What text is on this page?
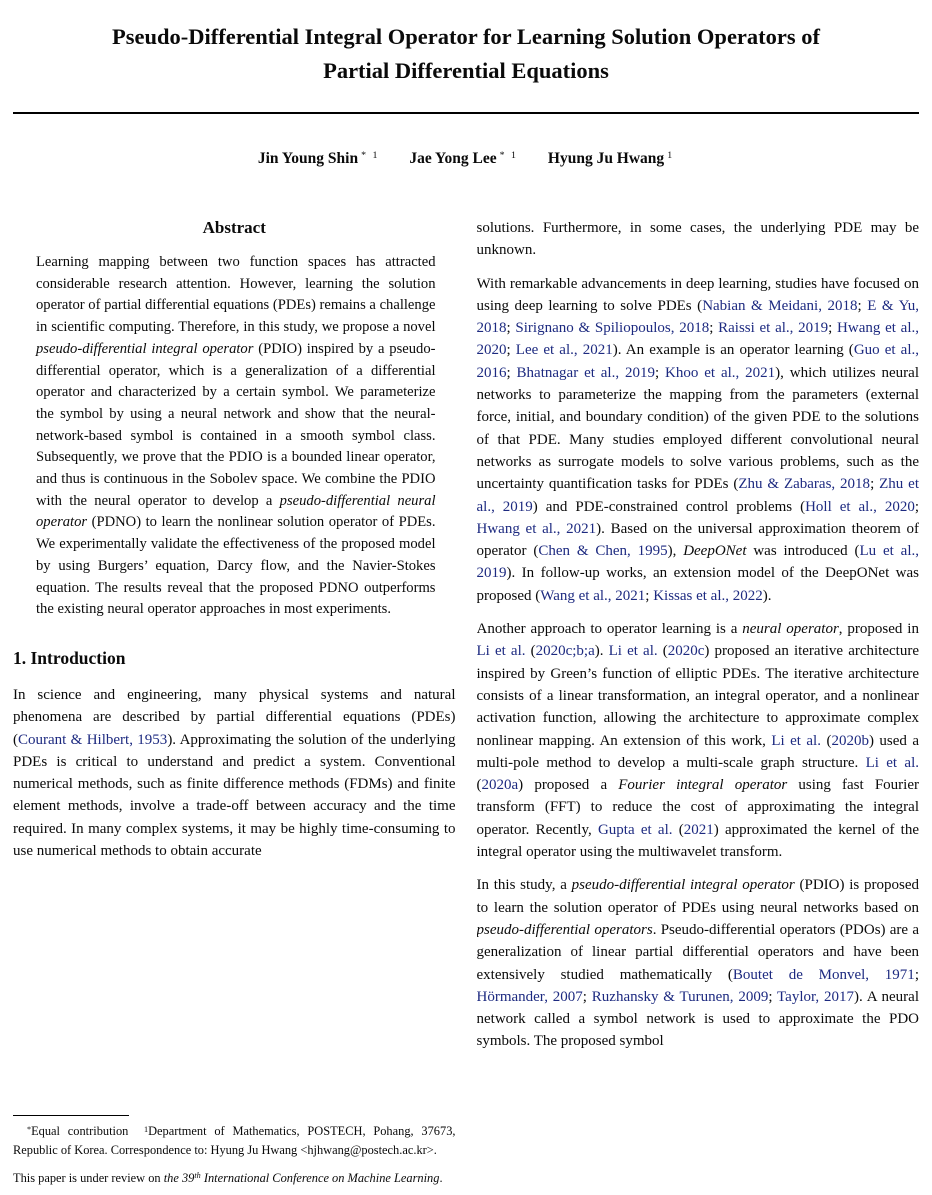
Pseudo-Differential Integral Operator for Learning Solution Operators of
Partial Differential Equations
Jin Young Shin $^{* 1}$ Jae Yong Lee $^{* 1}$ Hyung Ju Hwang $^1$
Abstract

Learning mapping between two function spaces has attracted considerable research attention. However, learning the solution operator of partial differential equations (PDEs) remains a challenge in scientific computing. Therefore, in this study, we propose a novel pseudo-differential integral operator (PDIO) inspired by a pseudo-differential operator, which is a generalization of a differential operator and characterized by a certain symbol. We parameterize the symbol by using a neural network and show that the neural-network-based symbol is contained in a smooth symbol class. Subsequently, we prove that the PDIO is a bounded linear operator, and thus is continuous in the Sobolev space. We combine the PDIO with the neural operator to develop a pseudo-differential neural operator (PDNO) to learn the nonlinear solution operator of PDEs. We experimentally validate the effectiveness of the proposed model by using Burgers’ equation, Darcy flow, and the Navier-Stokes equation. The results reveal that the proposed PDNO outperforms the existing neural operator approaches in most experiments.

1. Introduction

In science and engineering, many physical systems and natural phenomena are described by partial differential equations (PDEs) (Courant & Hilbert, 1953). Approximating the solution of the underlying PDEs is critical to understand and predict a system. Conventional numerical methods, such as finite difference methods (FDMs) and finite element methods, involve a trade-off between accuracy and the time required. In many complex systems, it may be highly time-consuming to use numerical methods to obtain accurate

*Equal contribution  $^1$Department of Mathematics, POSTECH, Pohang, 37673, Republic of Korea. Correspondence to: Hyung Ju Hwang <hjhwang@postech.ac.kr>.

This paper is under review on the 39th International Conference on Machine Learning.

solutions. Furthermore, in some cases, the underlying PDE may be unknown.

With remarkable advancements in deep learning, studies have focused on using deep learning to solve PDEs (Nabian & Meidani, 2018; E & Yu, 2018; Sirignano & Spiliopoulos, 2018; Raissi et al., 2019; Hwang et al., 2020; Lee et al., 2021). An example is an operator learning (Guo et al., 2016; Bhatnagar et al., 2019; Khoo et al., 2021), which utilizes neural networks to parameterize the mapping from the parameters (external force, initial, and boundary condition) of the given PDE to the solutions of that PDE. Many studies employed different convolutional neural networks as surrogate models to solve various problems, such as the uncertainty quantification tasks for PDEs (Zhu & Zabaras, 2018; Zhu et al., 2019) and PDE-constrained control problems (Holl et al., 2020; Hwang et al., 2021). Based on the universal approximation theorem of operator (Chen & Chen, 1995), DeepONet was introduced (Lu et al., 2019). In follow-up works, an extension model of the DeepONet was proposed (Wang et al., 2021; Kissas et al., 2022).

Another approach to operator learning is a neural operator, proposed in Li et al. (2020c;b;a). Li et al. (2020c) proposed an iterative architecture inspired by Green’s function of elliptic PDEs. The iterative architecture consists of a linear transformation, an integral operator, and a nonlinear activation function, allowing the architecture to approximate complex nonlinear mapping. An extension of this work, Li et al. (2020b) used a multi-pole method to develop a multi-scale graph structure. Li et al. (2020a) proposed a Fourier integral operator using fast Fourier transform (FFT) to reduce the cost of approximating the integral operator. Recently, Gupta et al. (2021) approximated the kernel of the integral operator using the multiwavelet transform.

In this study, a pseudo-differential integral operator (PDIO) is proposed to learn the solution operator of PDEs using neural networks based on pseudo-differential operators. Pseudo-differential operators (PDOs) are a generalization of linear partial differential operators and have been extensively studied mathematically (Boutet de Monvel, 1971; Hörmander, 2007; Ruzhansky & Turunen, 2009; Taylor, 2017). A neural network called a symbol network is used to approximate the PDO symbols. The proposed symbol
